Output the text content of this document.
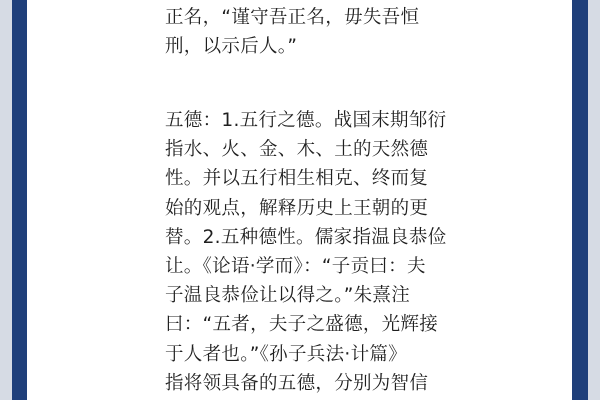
正名，“谨守吾正名，毋失吾恒
刑，以示后人。”
五德：1.五行之德。战国末期邹衍
指水、火、金、木、土的天然德
性。并以五行相生相克、终而复
始的观点，解释历史上王朝的更
替。2.五种德性。儒家指温良恭俭
让。《论语·学而》：“子贡曰：夫
子温良恭俭让以得之。”朱熹注
曰：“五者，夫子之盛德，光辉接
于人者也。”《孙子兵法·计篇》
指将领具备的五德，分别为智信
